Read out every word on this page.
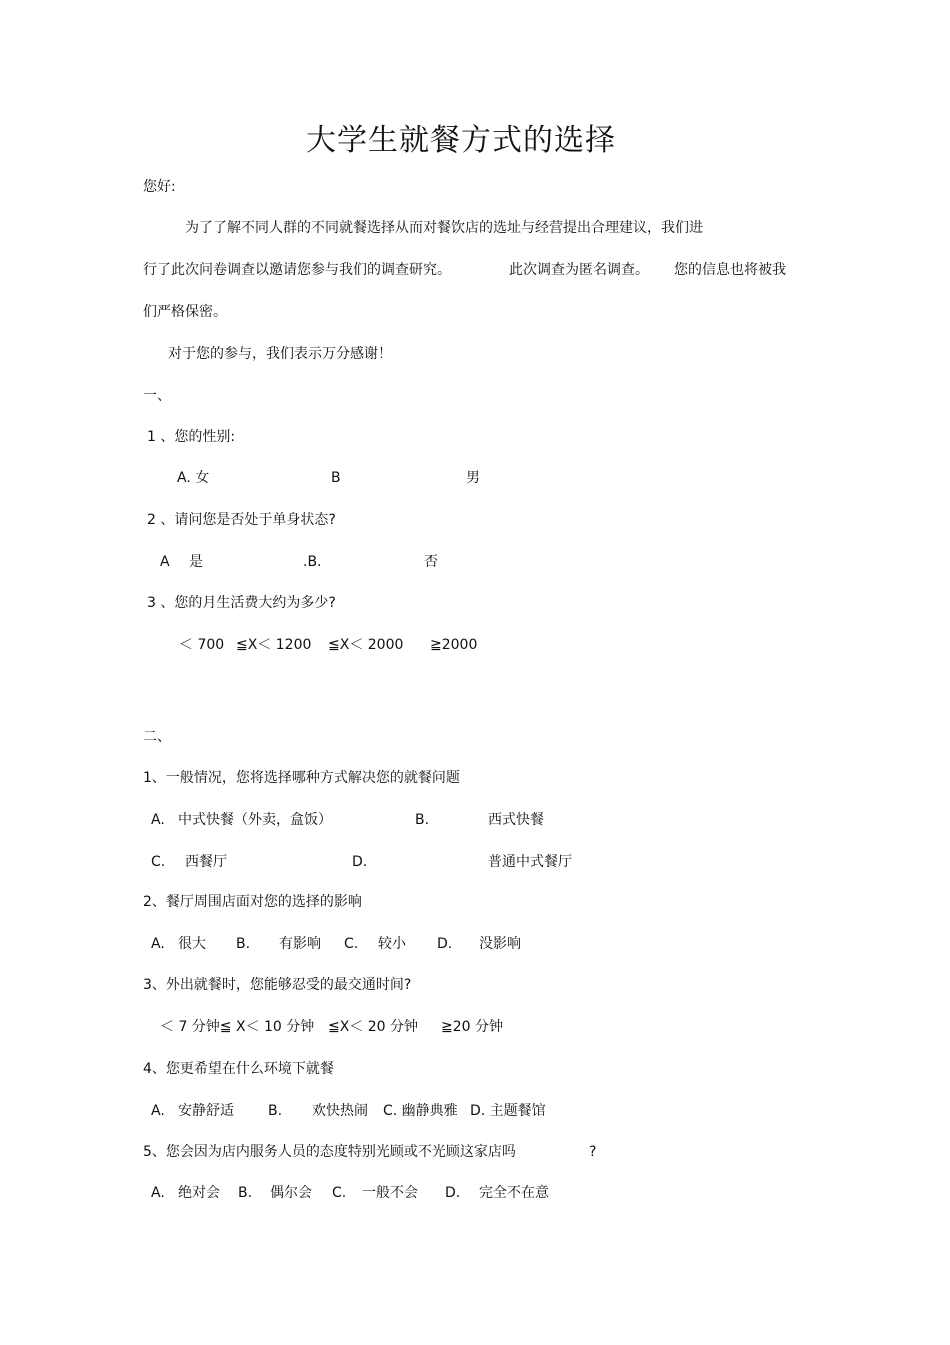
大学生就餐方式的选择
您好:
为了了解不同人群的不同就餐选择从而对餐饮店的选址与经营提出合理建议，我们进
行了此次问卷调查以邀请您参与我们的调查研究。	此次调查为匿名调查。 您的信息也将被我
们严格保密。
对于您的参与，我们表示万分感谢！
一、
1 、您的性别:
A. 女	B	男
2 、请问您是否处于单身状态?
A 是	.B.	否
3 、您的月生活费大约为多少?
＜ 700 ≦X＜ 1200 ≦X＜ 2000 ≧2000
二、
1、一般情况，您将选择哪种方式解决您的就餐问题
A. 中式快餐（外卖，盒饭）	B.	西式快餐
C. 西餐厅	D.	普通中式餐厅
2、餐厅周围店面对您的选择的影响
A. 很大 B. 有影响 C. 较小 D. 没影响
3、外出就餐时，您能够忍受的最交通时间?
＜ 7 分钟≦ X＜ 10 分钟 ≦X＜ 20 分钟 ≧20 分钟
4、您更希望在什么环境下就餐
A. 安静舒适 B. 欢快热闹 C. 幽静典雅 D. 主题餐馆
5、您会因为店内服务人员的态度特别光顾或不光顾这家店吗	?
A. 绝对会 B. 偶尔会 C. 一般不会 D. 完全不在意
